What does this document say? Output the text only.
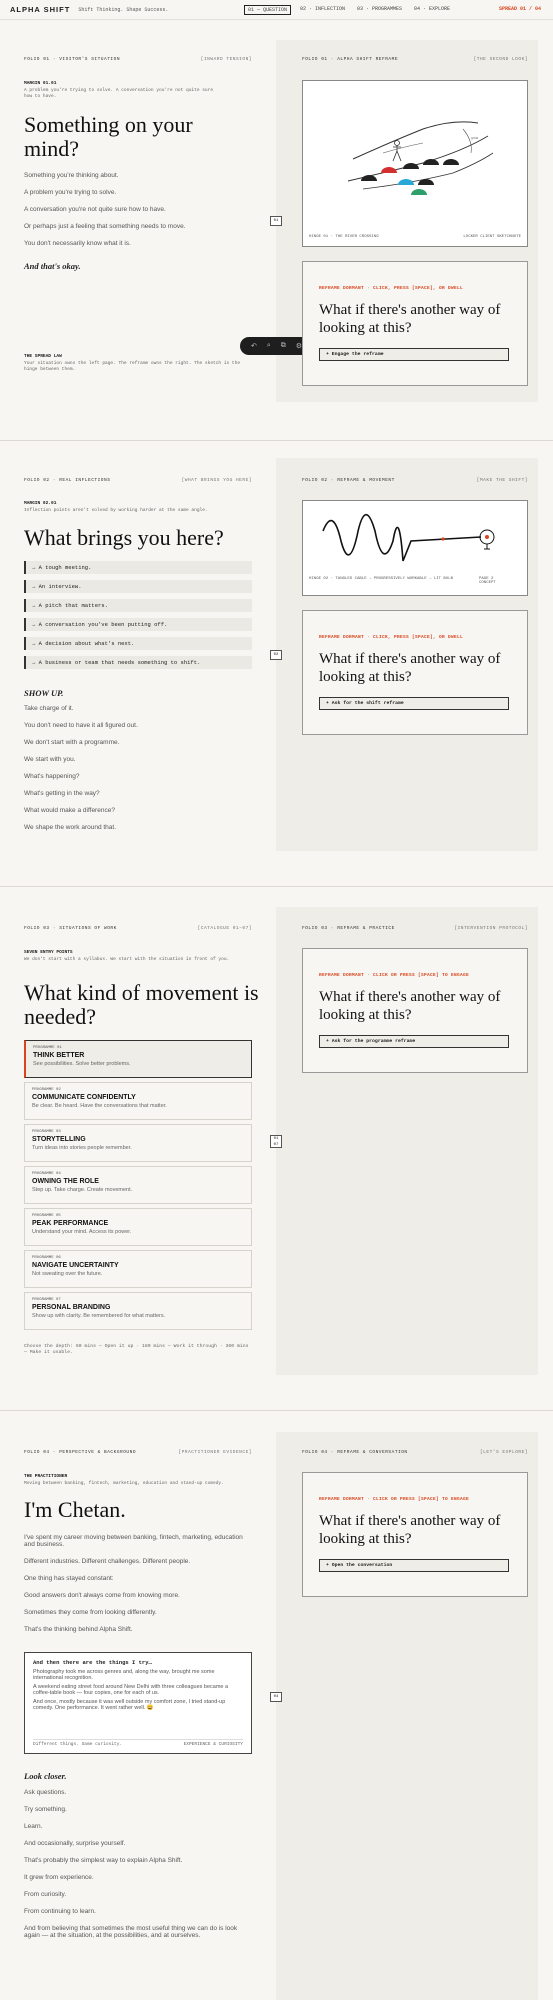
ALPHA SHIFT Shift Thinking. Shape Success.	01 — QUESTION	02 · INFLECTION	03 · PROGRAMMES	04 · EXPLORE	SPREAD 01 / 04
FOLIO 01 · VISITOR'S SITUATION	[INWARD TENSION]
MARGIN 01.01
A problem you're trying to solve. A conversation you're not quite sure how to have.
Something on your mind?
Something you're thinking about.
A problem you're trying to solve.
A conversation you're not quite sure how to have.
Or perhaps just a feeling that something needs to move.
You don't necessarily know what it is.
And that's okay.
THE SPREAD LAW
Your situation owns the left page. The reframe owns the right. The sketch is the hinge between them.
↶ ⌕ ⧉ ⚙
FOLIO 01 · ALPHA SHIFT REFRAME	[THE SECOND LOOK]
you
HINGE 01 · THE RIVER CROSSING	LOCKER CLIENT SKETCHNOTE
01
REFRAME DORMANT · CLICK, PRESS [SPACE], OR DWELL
What if there's another way of looking at this?
+ Engage the reframe
FOLIO 02 · REAL INFLECTIONS	[WHAT BRINGS YOU HERE]
MARGIN 02.01
Inflection points aren't solved by working harder at the same angle.
What brings you here?
→ A tough meeting.
→ An interview.
→ A pitch that matters.
→ A conversation you've been putting off.
→ A decision about what's next.
→ A business or team that needs something to shift.
SHOW UP.
Take charge of it.
You don't need to have it all figured out.
We don't start with a programme.
We start with you.
What's happening?
What's getting in the way?
What would make a difference?
We shape the work around that.
FOLIO 02 · REFRAME & MOVEMENT	[MAKE THE SHIFT]
HINGE 02 · TANGLED CABLE → PROGRESSIVELY WORKABLE → LIT BULB	PAGE 2 CONCEPT
02
REFRAME DORMANT · CLICK, PRESS [SPACE], OR DWELL
What if there's another way of looking at this?
+ Ask for the shift reframe
FOLIO 03 · SITUATIONS OF WORK	[CATALOGUE 01–07]
SEVEN ENTRY POINTS
We don't start with a syllabus. We start with the situation in front of you.
What kind of movement is needed?
PROGRAMME 01
THINK BETTER
See possibilities. Solve better problems.
PROGRAMME 02
COMMUNICATE CONFIDENTLY
Be clear. Be heard. Have the conversations that matter.
PROGRAMME 03
STORYTELLING
Turn ideas into stories people remember.
PROGRAMME 04
OWNING THE ROLE
Step up. Take charge. Create movement.
PROGRAMME 05
PEAK PERFORMANCE
Understand your mind. Access its power.
PROGRAMME 06
NAVIGATE UNCERTAINTY
Not sweating over the future.
PROGRAMME 07
PERSONAL BRANDING
Show up with clarity. Be remembered for what matters.
Choose the depth: 60 mins — Open it up · 180 mins — Work it through · 360 mins — Make it usable.
FOLIO 03 · REFRAME & PRACTICE	[INTERVENTION PROTOCOL]
01
07
REFRAME DORMANT · CLICK OR PRESS [SPACE] TO ENGAGE
What if there's another way of looking at this?
+ Ask for the programme reframe
FOLIO 04 · PERSPECTIVE & BACKGROUND	[PRACTITIONER EVIDENCE]
THE PRACTITIONER
Moving between banking, fintech, marketing, education and stand-up comedy.
I'm Chetan.
I've spent my career moving between banking, fintech, marketing, education and business.
Different industries. Different challenges. Different people.
One thing has stayed constant:
Good answers don't always come from knowing more.
Sometimes they come from looking differently.
That's the thinking behind Alpha Shift.
And then there are the things I try…
Photography took me across genres and, along the way, brought me some international recognition.
A weekend eating street food around New Delhi with three colleagues became a coffee-table book — four copies, one for each of us.
And once, mostly because it was well outside my comfort zone, I tried stand-up comedy. One performance. It went rather well. 😄
Different things. Same curiosity.	EXPERIENCE & CURIOSITY
Look closer.
Ask questions.
Try something.
Learn.
And occasionally, surprise yourself.
That's probably the simplest way to explain Alpha Shift.
It grew from experience.
From curiosity.
From continuing to learn.
And from believing that sometimes the most useful thing we can do is look again — at the situation, at the possibilities, and at ourselves.
FOLIO 04 · REFRAME & CONVERSATION	[LET'S EXPLORE]
04
REFRAME DORMANT · CLICK OR PRESS [SPACE] TO ENGAGE
What if there's another way of looking at this?
+ Open the conversation
